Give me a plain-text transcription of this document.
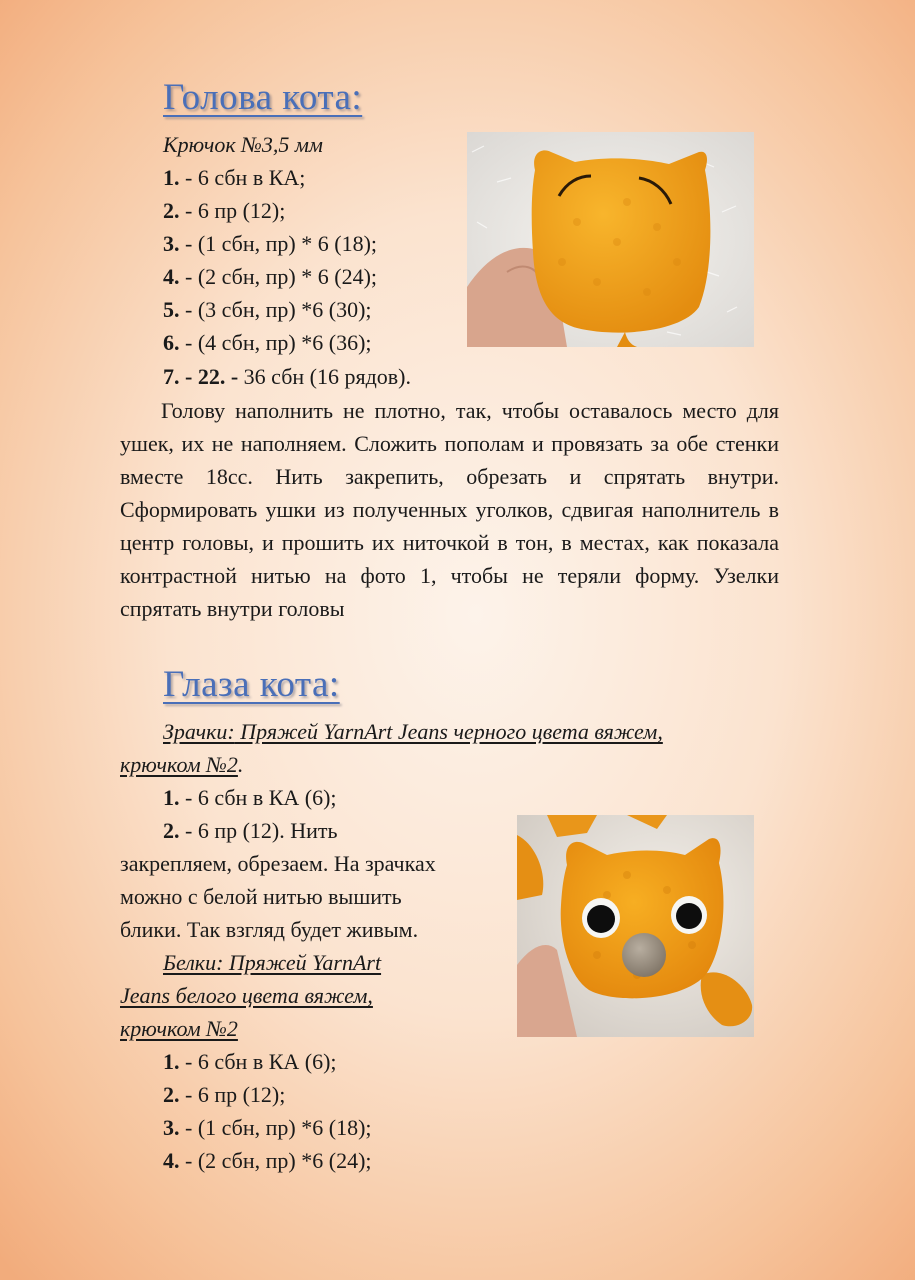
Голова кота:
Крючок №3,5 мм
1. - 6 сбн в КА;
2. - 6 пр (12);
3. - (1 сбн, пр) * 6 (18);
4. - (2 сбн, пр) * 6 (24);
5. - (3 сбн, пр) *6 (30);
6. - (4 сбн, пр) *6 (36);
7. - 22. - 36 сбн (16 рядов).

Голову наполнить не плотно, так, чтобы оставалось место для ушек, их не наполняем. Сложить пополам и провязать за обе стенки вместе 18сс. Нить закрепить, обрезать и спрятать внутри. Сформировать ушки из полученных уголков, сдвигая наполнитель в центр головы, и прошить их ниточкой в тон, в местах, как показала контрастной нитью на фото 1, чтобы не теряли форму. Узелки спрятать внутри головы

Глаза кота:
Зрачки: Пряжей YarnArt Jeans черного цвета вяжем,
крючком №2.
1. - 6 сбн в КА (6);
2. - 6 пр (12). Нить
закрепляем, обрезаем. На зрачках
можно с белой нитью вышить
блики. Так взгляд будет живым.
Белки: Пряжей YarnArt
Jeans белого цвета вяжем,
крючком №2
1. - 6 сбн в КА (6);
2. - 6 пр (12);
3. - (1 сбн, пр) *6 (18);
4. - (2 сбн, пр) *6 (24);
